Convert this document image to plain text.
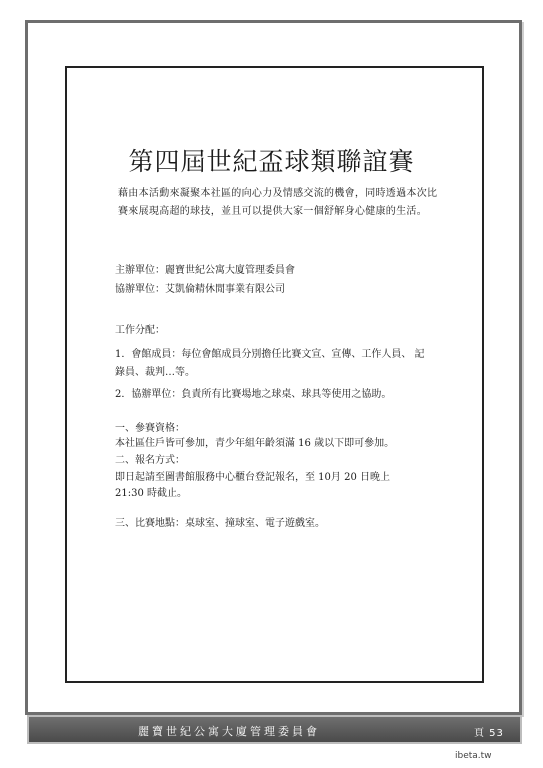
第四屆世紀盃球類聯誼賽

藉由本活動來凝聚本社區的向心力及情感交流的機會，同時透過本次比賽來展現高超的球技，並且可以提供大家一個舒解身心健康的生活。

主辦單位：麗寶世紀公寓大廈管理委員會

協辦單位：艾凱倫精休閒事業有限公司

工作分配：

1．會館成員：每位會館成員分別擔任比賽文宣、宣傳、工作人員、 記

錄員、裁判…等。

2．協辦單位：負責所有比賽場地之球桌、球具等使用之協助。

一、參賽資格：

本社區住戶皆可參加，青少年組年齡須滿 16 歲以下即可參加。

二、報名方式：

即日起請至圖書館服務中心櫃台登記報名，至 10月 20 日晚上

21:30 時截止。

三、比賽地點：桌球室、撞球室、電子遊戲室。

麗寶世紀公寓大廈管理委員會	頁 53
ibeta.tw
